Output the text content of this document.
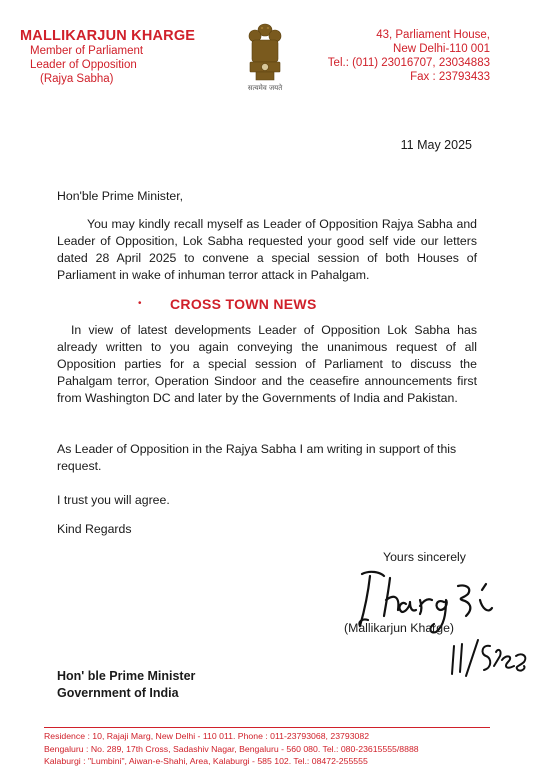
MALLIKARJUN KHARGE
Member of Parliament
Leader of Opposition
(Rajya Sabha)
सत्यमेव जयते
43, Parliament House,
New Delhi-110 001
Tel.: (011) 23016707, 23034883
Fax : 23793433
11 May 2025
Hon'ble Prime Minister,

You may kindly recall myself as Leader of Opposition Rajya Sabha and Leader of Opposition, Lok Sabha requested your good self vide our letters dated 28 April 2025 to convene a special session of both Houses of Parliament in wake of inhuman terror attack in Pahalgam.

• CROSS TOWN NEWS

In view of latest developments Leader of Opposition Lok Sabha has already written to you again conveying the unanimous request of all Opposition parties for a special session of Parliament to discuss the Pahalgam terror, Operation Sindoor and the ceasefire announcements first from Washington DC and later by the Governments of India and Pakistan.

As Leader of Opposition in the Rajya Sabha I am writing in support of this request.
I trust you will agree.
Kind Regards
Yours sincerely
(Mallikarjun Kharge)
Hon' ble Prime Minister
Government of India
Residence : 10, Rajaji Marg, New Delhi - 110 011. Phone : 011-23793068, 23793082
Bengaluru : No. 289, 17th Cross, Sadashiv Nagar, Bengaluru - 560 080. Tel.: 080-23615555/8888
Kalaburgi : "Lumbini", Aiwan-e-Shahi, Area, Kalaburgi - 585 102. Tel.: 08472-255555
